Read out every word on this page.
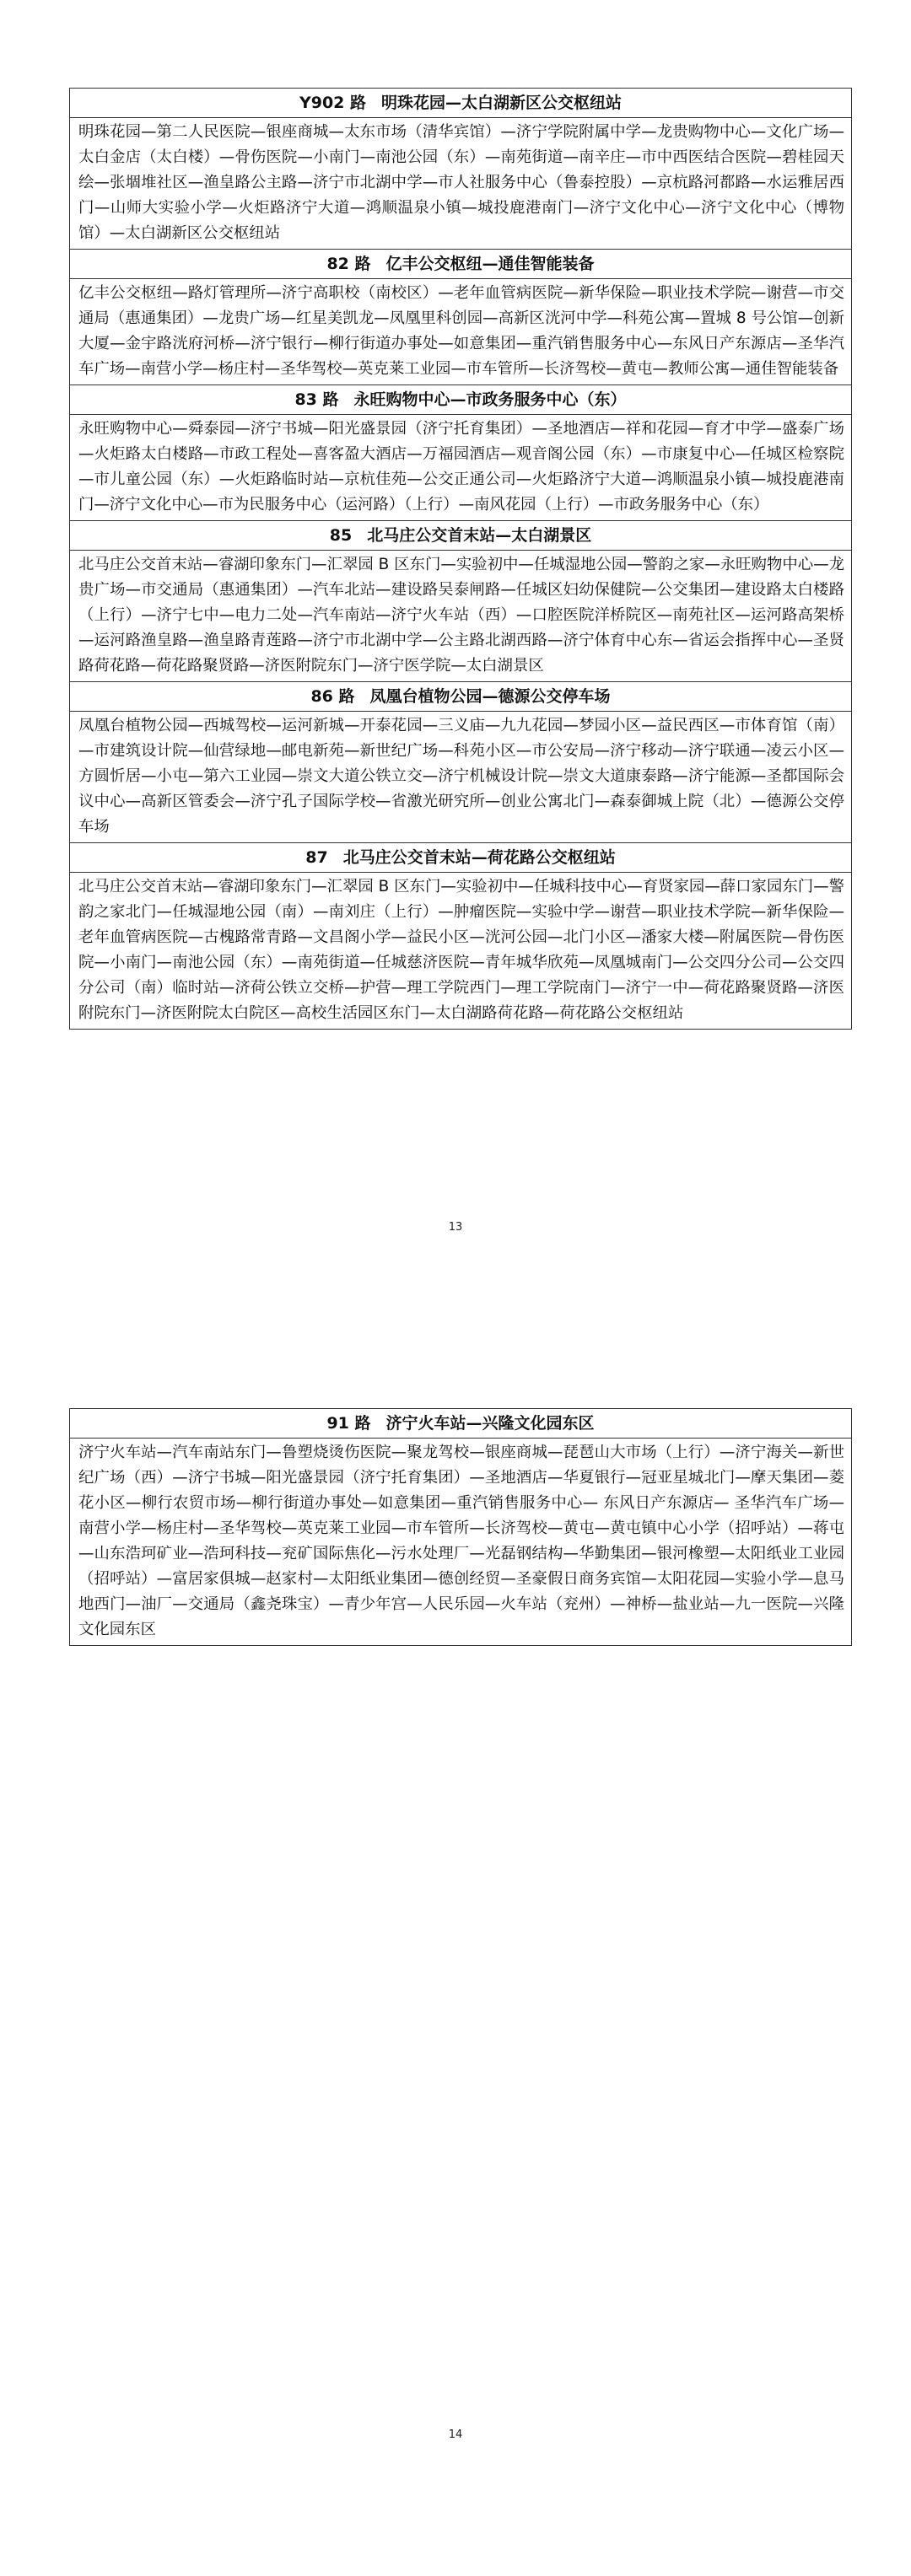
Y902 路 明珠花园—太白湖新区公交枢纽站
明珠花园—第二人民医院—银座商城—太东市场（清华宾馆）—济宁学院附属中学—龙贵购物中心—文化广场—太白金店（太白楼）—骨伤医院—小南门—南池公园（东）—南苑街道—南辛庄—市中西医结合医院—碧桂园天绘—张堌堆社区—渔皇路公主路—济宁市北湖中学—市人社服务中心（鲁泰控股）—京杭路河都路—水运雅居西门—山师大实验小学—火炬路济宁大道—鸿顺温泉小镇—城投鹿港南门—济宁文化中心—济宁文化中心（博物馆）—太白湖新区公交枢纽站
82 路 亿丰公交枢纽—通佳智能装备
亿丰公交枢纽—路灯管理所—济宁高职校（南校区）—老年血管病医院—新华保险—职业技术学院—谢营—市交通局（惠通集团）—龙贵广场—红星美凯龙—凤凰里科创园—高新区洸河中学—科苑公寓—置城 8 号公馆—创新大厦—金宇路洸府河桥—济宁银行—柳行街道办事处—如意集团—重汽销售服务中心—东风日产东源店—圣华汽车广场—南营小学—杨庄村—圣华驾校—英克莱工业园—市车管所—长济驾校—黄屯—教师公寓—通佳智能装备
83 路 永旺购物中心—市政务服务中心（东）
永旺购物中心—舜泰园—济宁书城—阳光盛景园（济宁托育集团）—圣地酒店—祥和花园—育才中学—盛泰广场—火炬路太白楼路—市政工程处—喜客盈大酒店—万福园酒店—观音阁公园（东）—市康复中心—任城区检察院—市儿童公园（东）—火炬路临时站—京杭佳苑—公交正通公司—火炬路济宁大道—鸿顺温泉小镇—城投鹿港南门—济宁文化中心—市为民服务中心（运河路）（上行）—南风花园（上行）—市政务服务中心（东）
85 北马庄公交首末站—太白湖景区
北马庄公交首末站—睿湖印象东门—汇翠园 B 区东门—实验初中—任城湿地公园—警韵之家—永旺购物中心—龙贵广场—市交通局（惠通集团）—汽车北站—建设路吴泰闸路—任城区妇幼保健院—公交集团—建设路太白楼路（上行）—济宁七中—电力二处—汽车南站—济宁火车站（西）—口腔医院洋桥院区—南苑社区—运河路高架桥—运河路渔皇路—渔皇路青莲路—济宁市北湖中学—公主路北湖西路—济宁体育中心东—省运会指挥中心—圣贤路荷花路—荷花路聚贤路—济医附院东门—济宁医学院—太白湖景区
86 路 凤凰台植物公园—德源公交停车场
凤凰台植物公园—西城驾校—运河新城—开泰花园—三义庙—九九花园—梦园小区—益民西区—市体育馆（南）—市建筑设计院—仙营绿地—邮电新苑—新世纪广场—科苑小区—市公安局—济宁移动—济宁联通—凌云小区—方圆忻居—小屯—第六工业园—崇文大道公铁立交—济宁机械设计院—崇文大道康泰路—济宁能源—圣都国际会议中心—高新区管委会—济宁孔子国际学校—省激光研究所—创业公寓北门—森泰御城上院（北）—德源公交停车场
87 北马庄公交首末站—荷花路公交枢纽站
北马庄公交首末站—睿湖印象东门—汇翠园 B 区东门—实验初中—任城科技中心—育贤家园—薛口家园东门—警韵之家北门—任城湿地公园（南）—南刘庄（上行）—肿瘤医院—实验中学—谢营—职业技术学院—新华保险—老年血管病医院—古槐路常青路—文昌阁小学—益民小区—洸河公园—北门小区—潘家大楼—附属医院—骨伤医院—小南门—南池公园（东）—南苑街道—任城慈济医院—青年城华欣苑—凤凰城南门—公交四分公司—公交四分公司（南）临时站—济荷公铁立交桥—护营—理工学院西门—理工学院南门—济宁一中—荷花路聚贤路—济医附院东门—济医附院太白院区—高校生活园区东门—太白湖路荷花路—荷花路公交枢纽站
13
91 路 济宁火车站—兴隆文化园东区
济宁火车站—汽车南站东门—鲁塑烧烫伤医院—聚龙驾校—银座商城—琵琶山大市场（上行）—济宁海关—新世纪广场（西）—济宁书城—阳光盛景园（济宁托育集团）—圣地酒店—华夏银行—冠亚星城北门—摩天集团—菱花小区—柳行农贸市场—柳行街道办事处—如意集团—重汽销售服务中心— 东风日产东源店— 圣华汽车广场—南营小学—杨庄村—圣华驾校—英克莱工业园—市车管所—长济驾校—黄屯—黄屯镇中心小学（招呼站）—蒋屯—山东浩珂矿业—浩珂科技—兖矿国际焦化—污水处理厂—光磊钢结构—华勤集团—银河橡塑—太阳纸业工业园（招呼站）—富居家俱城—赵家村—太阳纸业集团—德创经贸—圣豪假日商务宾馆—太阳花园—实验小学—息马地西门—油厂—交通局（鑫尧珠宝）—青少年宫—人民乐园—火车站（兖州）—神桥—盐业站—九一医院—兴隆文化园东区
14
